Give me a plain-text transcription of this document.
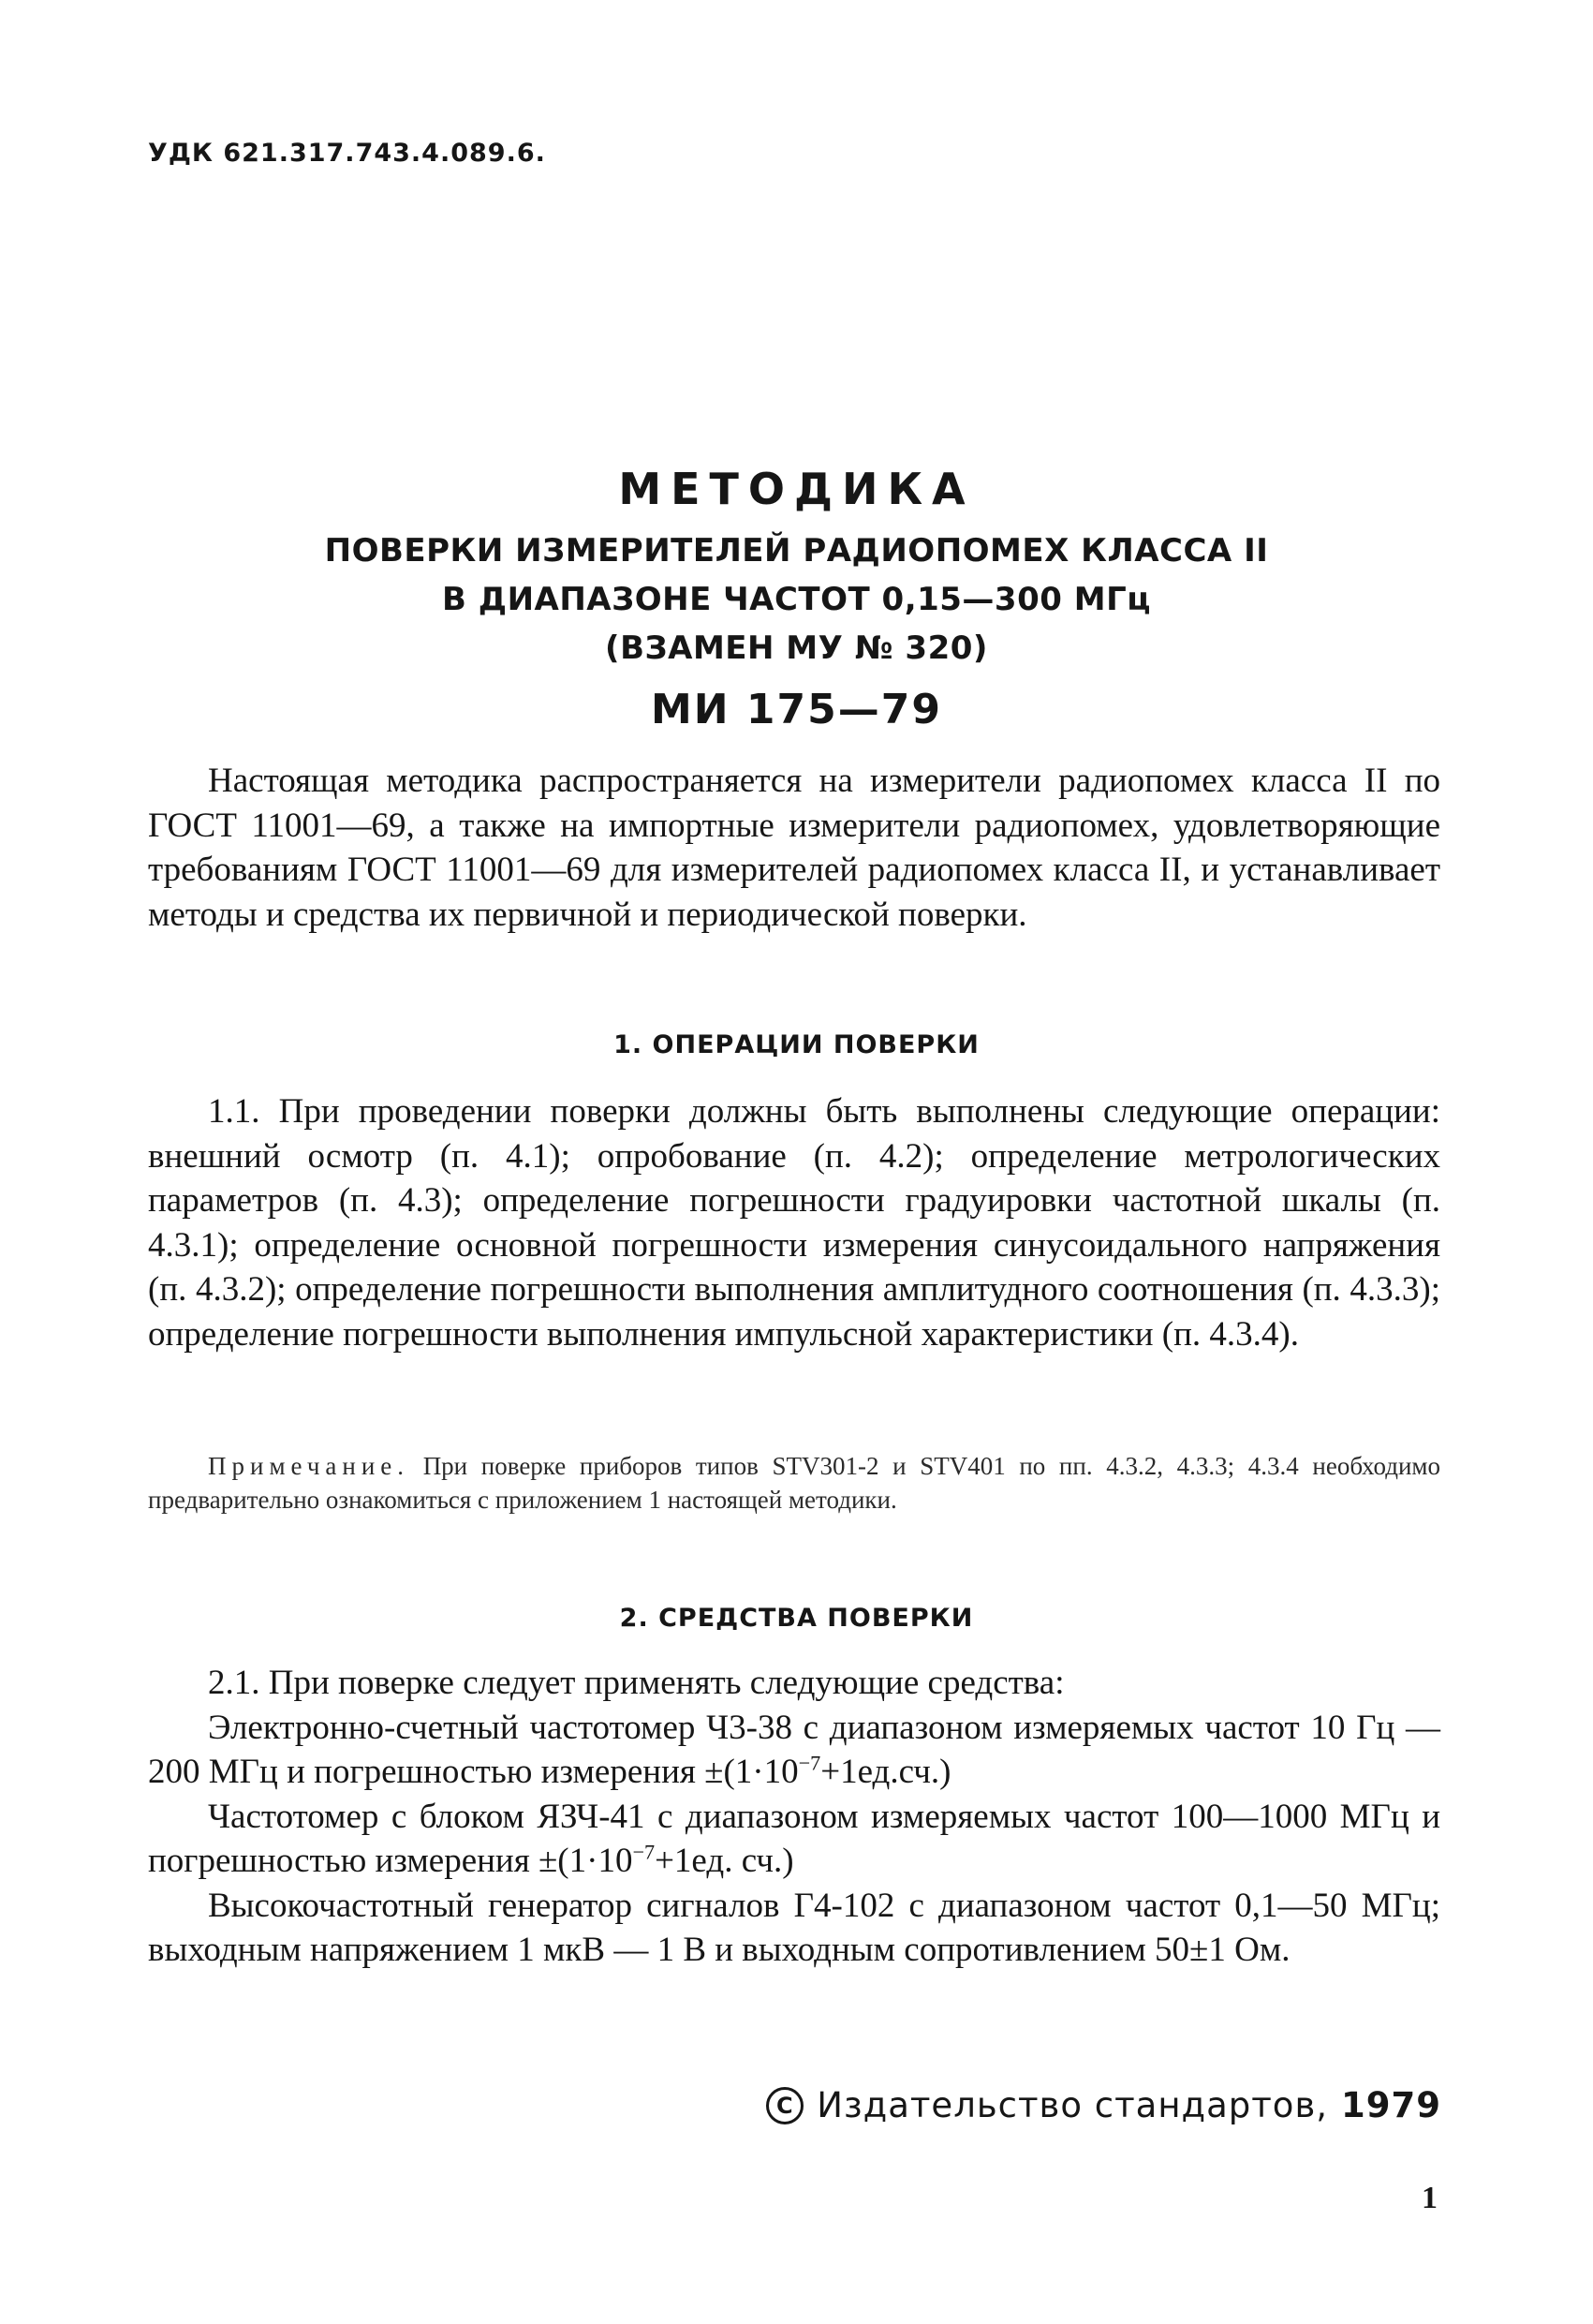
УДК 621.317.743.4.089.6.
МЕТОДИКА
ПОВЕРКИ ИЗМЕРИТЕЛЕЙ РАДИОПОМЕХ КЛАССА II
В ДИАПАЗОНЕ ЧАСТОТ 0,15—300 МГц
(ВЗАМЕН МУ № 320)
МИ 175—79
Настоящая методика распространяется на измерители радиопомех класса II по ГОСТ 11001—69, а также на импортные измерители радиопомех, удовлетворяющие требованиям ГОСТ 11001—69 для измерителей радиопомех класса II, и устанавливает методы и средства их первичной и периодической поверки.
1. ОПЕРАЦИИ ПОВЕРКИ
1.1. При проведении поверки должны быть выполнены следующие операции: внешний осмотр (п. 4.1); опробование (п. 4.2); определение метрологических параметров (п. 4.3); определение погрешности градуировки частотной шкалы (п. 4.3.1); определение основной погрешности измерения синусоидального напряжения (п. 4.3.2); определение погрешности выполнения амплитудного соотношения (п. 4.3.3); определение погрешности выполнения импульсной характеристики (п. 4.3.4).
Примечание. При поверке приборов типов STV301-2 и STV401 по пп. 4.3.2, 4.3.3; 4.3.4 необходимо предварительно ознакомиться с приложением 1 настоящей методики.
2. СРЕДСТВА ПОВЕРКИ

2.1. При поверке следует применять следующие средства:

Электронно-счетный частотомер Ч3-38 с диапазоном измеряемых частот 10 Гц — 200 МГц и погрешностью измерения $\pm(1\cdot 10^{-7}+1ед.сч.)$

Частотомер с блоком ЯЗЧ-41 с диапазоном измеряемых частот 100—1000 МГц и погрешностью измерения $\pm(1\cdot 10^{-7}+1ед$. сч.)

Высокочастотный генератор сигналов Г4-102 с диапазоном частот 0,1—50 МГц; выходным напряжением 1 мкВ — 1 В и выходным сопротивлением 50±1 Ом.

C Издательство стандартов, 1979
1
